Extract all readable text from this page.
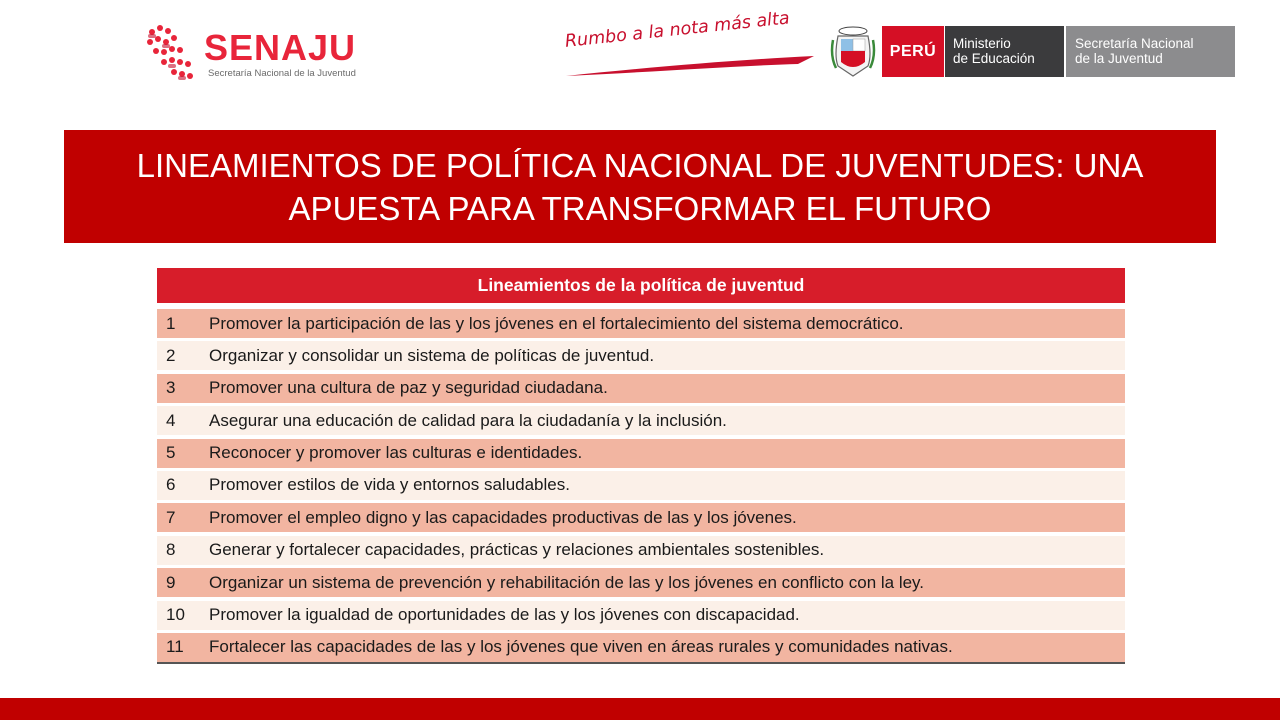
SENAJU
Secretaría Nacional de la Juventud
Rumbo a la nota más alta	PERÚ	Ministerio
de Educación
Secretaría Nacional
de la Juventud
LINEAMIENTOS DE POLÍTICA NACIONAL DE JUVENTUDES: UNA APUESTA PARA TRANSFORMAR EL FUTURO
Lineamientos de la política de juventud
1	Promover la participación de las y los jóvenes en el fortalecimiento del sistema democrático.
2	Organizar y consolidar un sistema de políticas de juventud.
3	Promover una cultura de paz y seguridad ciudadana.
4	Asegurar una educación de calidad para la ciudadanía y la inclusión.
5	Reconocer y promover las culturas e identidades.
6	Promover estilos de vida y entornos saludables.
7	Promover el empleo digno y las capacidades productivas de las y los jóvenes.
8	Generar y fortalecer capacidades, prácticas y relaciones ambientales sostenibles.
9	Organizar un sistema de prevención y rehabilitación de las y los jóvenes en conflicto con la ley.
10	Promover la igualdad de oportunidades de las y los jóvenes con discapacidad.
11	Fortalecer las capacidades de las y los jóvenes que viven en áreas rurales y comunidades nativas.
